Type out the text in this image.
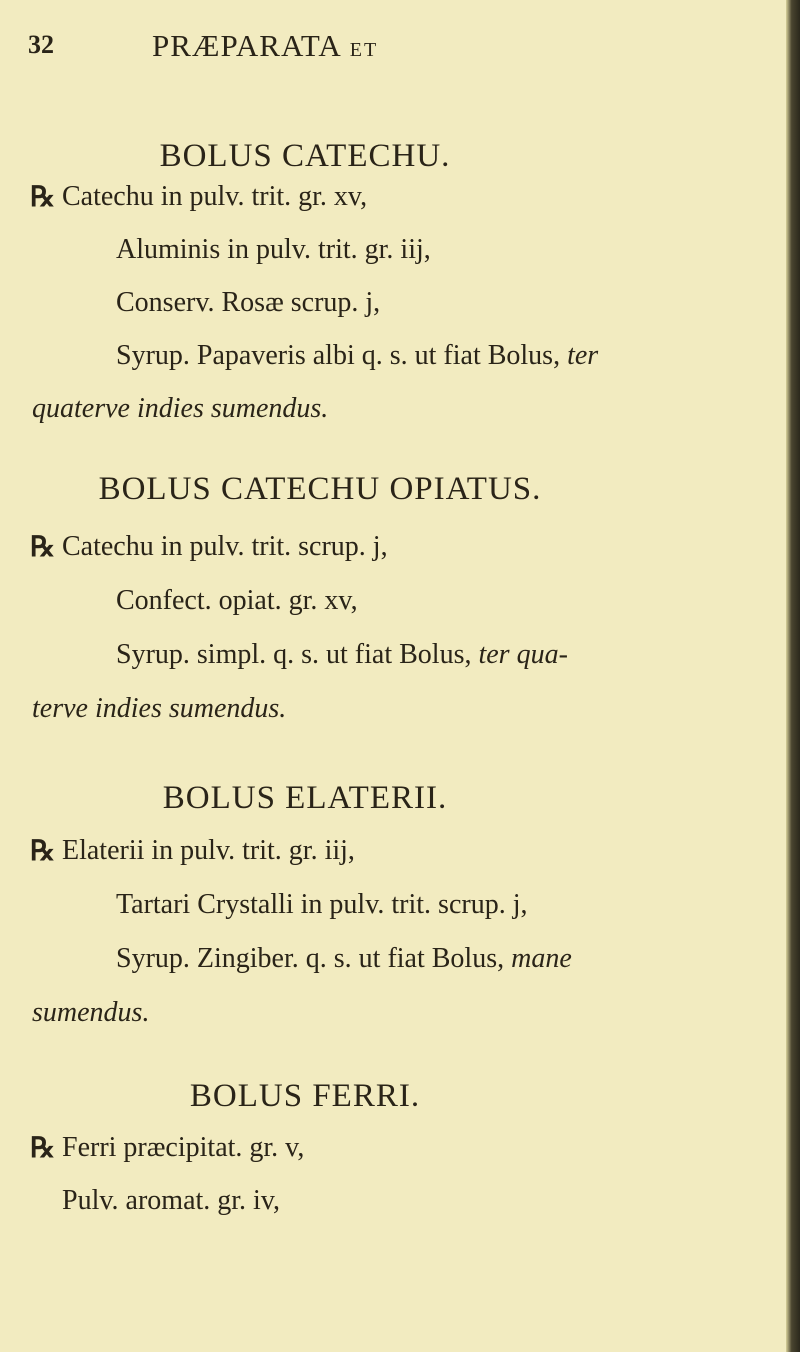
32	PRÆPARATA ET
BOLUS CATECHU.
℞ Catechu in pulv. trit. gr. xv,
Aluminis in pulv. trit. gr. iij,
Conserv. Rosæ scrup. j,
Syrup. Papaveris albi q. s. ut fiat Bolus, ter
quaterve indies sumendus.
BOLUS CATECHU OPIATUS.
℞ Catechu in pulv. trit. scrup. j,
Confect. opiat. gr. xv,
Syrup. simpl. q. s. ut fiat Bolus, ter qua-
terve indies sumendus.
BOLUS ELATERII.
℞ Elaterii in pulv. trit. gr. iij,
Tartari Crystalli in pulv. trit. scrup. j,
Syrup. Zingiber. q. s. ut fiat Bolus, mane
sumendus.
BOLUS FERRI.
℞ Ferri præcipitat. gr. v,
Pulv. aromat. gr. iv,
